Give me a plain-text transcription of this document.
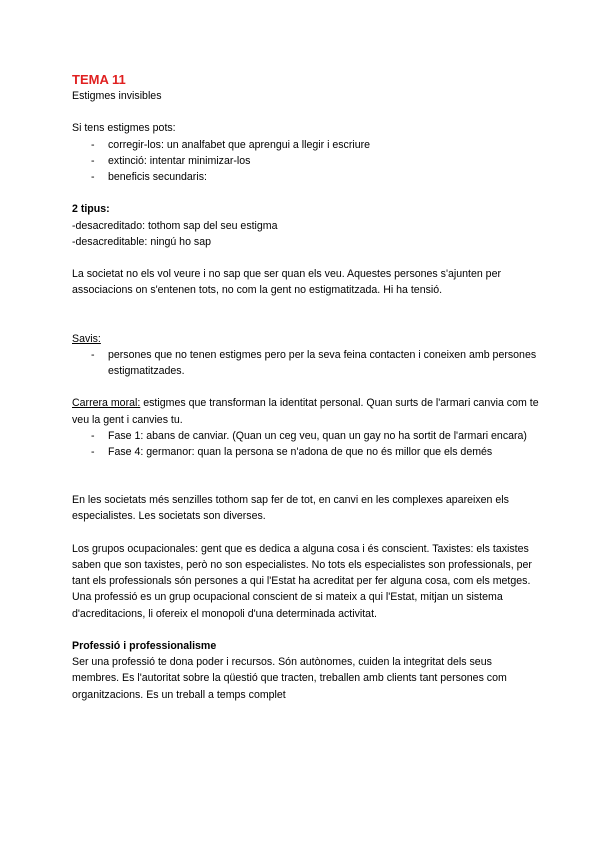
TEMA 11

Estigmes invisibles

Si tens estigmes pots:

- corregir-los: un analfabet que aprengui a llegir i escriure
- extinció: intentar minimizar-los
- beneficis secundaris:

2 tipus:

-desacreditado: tothom sap del seu estigma

-desacreditable: ningú ho sap

La societat no els vol veure i no sap que ser quan els veu. Aquestes persones s'ajunten per associacions on s'entenen tots, no com la gent no estigmatitzada. Hi ha tensió.

Savis:

- persones que no tenen estigmes pero per la seva feina contacten i coneixen amb persones estigmatitzades.

Carrera moral: estigmes que transforman la identitat personal. Quan surts de l'armari canvia com te veu la gent i canvies tu.

- Fase 1: abans de canviar. (Quan un ceg veu, quan un gay no ha sortit de l'armari encara)
- Fase 4: germanor: quan la persona se n'adona de que no és millor que els demés

En les societats més senzilles tothom sap fer de tot, en canvi en les complexes apareixen els especialistes. Les societats son diverses.

Los grupos ocupacionales: gent que es dedica a alguna cosa i és conscient. Taxistes: els taxistes saben que son taxistes, però no son especialistes. No tots els especialistes son professionals, per tant els professionals són persones a qui l'Estat ha acreditat per fer alguna cosa, com els metges. Una professió es un grup ocupacional conscient de si mateix a qui l'Estat, mitjan un sistema d'acreditacions, li ofereix el monopoli d'una determinada activitat.

Professió i professionalisme

Ser una professió te dona poder i recursos. Són autònomes, cuiden la integritat dels seus membres. Es l'autoritat sobre la qüestió que tracten, treballen amb clients tant persones com organitzacions. Es un treball a temps complet
